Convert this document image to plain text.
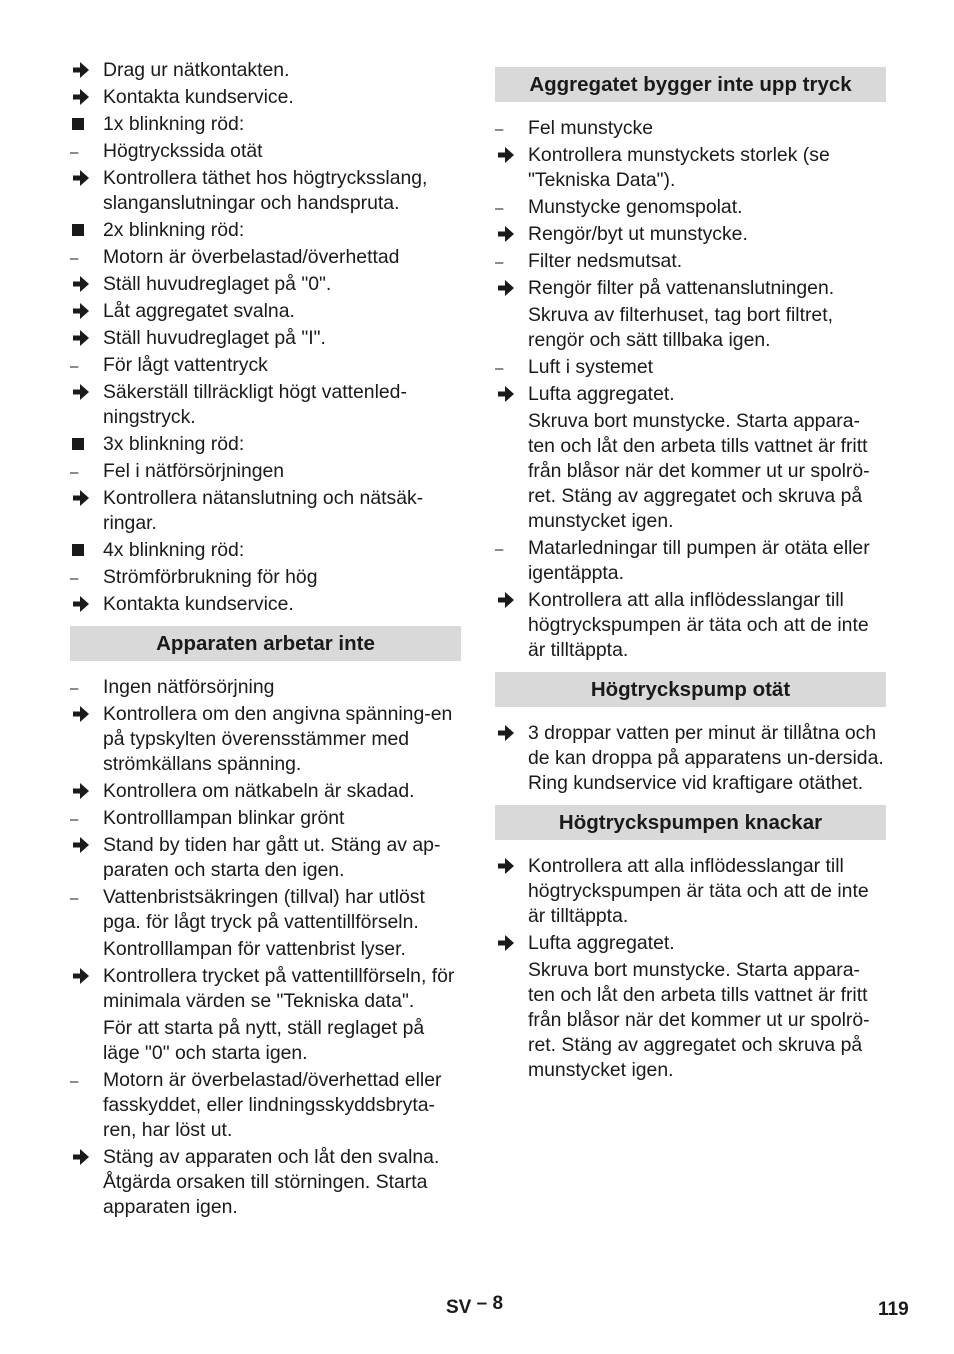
Drag ur nätkontakten.
Kontakta kundservice.
1x blinkning röd:
–	Högtryckssida otät
Kontrollera täthet hos högtrycksslang, slanganslutningar och handspruta.
2x blinkning röd:
–	Motorn är överbelastad/överhettad
Ställ huvudreglaget på "0".
Låt aggregatet svalna.
Ställ huvudreglaget på "I".
–	För lågt vattentryck
Säkerställ tillräckligt högt vattenled-ningstryck.
3x blinkning röd:
–	Fel i nätförsörjningen
Kontrollera nätanslutning och nätsäk-ringar.
4x blinkning röd:
–	Strömförbrukning för hög
Kontakta kundservice.
Apparaten arbetar inte
–	Ingen nätförsörjning
Kontrollera om den angivna spänning-en på typskylten överensstämmer med strömkällans spänning.
Kontrollera om nätkabeln är skadad.
–	Kontrolllampan blinkar grönt
Stand by tiden har gått ut. Stäng av ap-paraten och starta den igen.
–	Vattenbristsäkringen (tillval) har utlöst pga. för lågt tryck på vattentillförseln.
Kontrolllampan för vattenbrist lyser.
Kontrollera trycket på vattentillförseln, för minimala värden se "Tekniska data".
För att starta på nytt, ställ reglaget på läge "0" och starta igen.
–	Motorn är överbelastad/överhettad eller fasskyddet, eller lindningsskyddsbryta-ren, har löst ut.
Stäng av apparaten och låt den svalna. Åtgärda orsaken till störningen. Starta apparaten igen.
Aggregatet bygger inte upp tryck
–	Fel munstycke
Kontrollera munstyckets storlek (se "Tekniska Data").
–	Munstycke genomspolat.
Rengör/byt ut munstycke.
–	Filter nedsmutsat.
Rengör filter på vattenanslutningen.
Skruva av filterhuset, tag bort filtret, rengör och sätt tillbaka igen.
–	Luft i systemet
Lufta aggregatet.
Skruva bort munstycke. Starta appara-ten och låt den arbeta tills vattnet är fritt från blåsor när det kommer ut ur spolrö-ret. Stäng av aggregatet och skruva på munstycket igen.
–	Matarledningar till pumpen är otäta eller igentäppta.
Kontrollera att alla inflödesslangar till högtryckspumpen är täta och att de inte är tilltäppta.
Högtryckspump otät
3 droppar vatten per minut är tillåtna och de kan droppa på apparatens un-dersida. Ring kundservice vid kraftigare otäthet.
Högtryckspumpen knackar
Kontrollera att alla inflödesslangar till högtryckspumpen är täta och att de inte är tilltäppta.
Lufta aggregatet.
Skruva bort munstycke. Starta appara-ten och låt den arbeta tills vattnet är fritt från blåsor när det kommer ut ur spolrö-ret. Stäng av aggregatet och skruva på munstycket igen.
SV – 8	119
